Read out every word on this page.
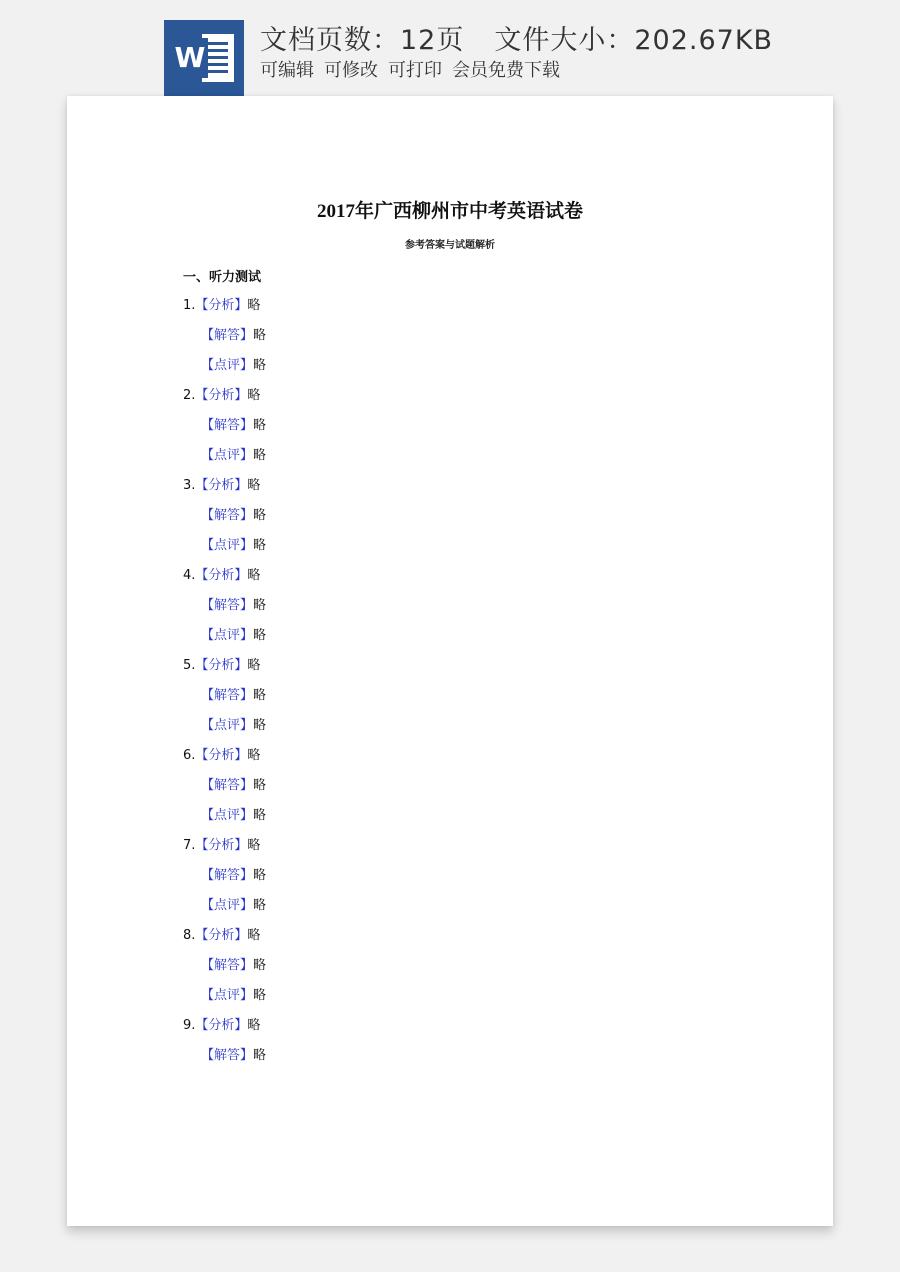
W
文档页数：12页 文件大小：202.67KB
可编辑 可修改 可打印 会员免费下载
2017年广西柳州市中考英语试卷
参考答案与试题解析
一、听力测试
1.【分析】略
【解答】略
【点评】略
2.【分析】略
【解答】略
【点评】略
3.【分析】略
【解答】略
【点评】略
4.【分析】略
【解答】略
【点评】略
5.【分析】略
【解答】略
【点评】略
6.【分析】略
【解答】略
【点评】略
7.【分析】略
【解答】略
【点评】略
8.【分析】略
【解答】略
【点评】略
9.【分析】略
【解答】略
